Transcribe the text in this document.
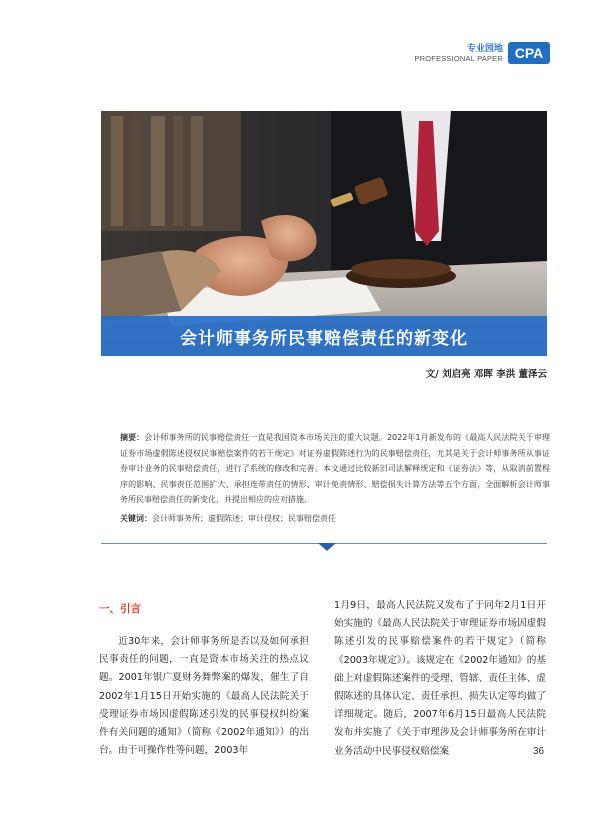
专业园地
PROFESSIONAL PAPER CPA
会计师事务所民事赔偿责任的新变化
文/ 刘启亮 邓晖 李洪 董泽云
摘要：会计师事务所的民事赔偿责任一直是我国资本市场关注的重大议题。2022年1月新发布的《最高人民法院关于审理证券市场虚假陈述侵权民事赔偿案件的若干规定》对证券虚假陈述行为的民事赔偿责任，尤其是关于会计师事务所从事证券审计业务的民事赔偿责任，进行了系统的修改和完善。本文通过比较新旧司法解释规定和《证券法》等，从取消前置程序的影响、民事责任范围扩大、承担连带责任的情形、审计免责情形、赔偿损失计算方法等五个方面，全面解析会计师事务所民事赔偿责任的新变化，并提出相应的应对措施。
关键词：会计师事务所；虚假陈述；审计侵权；民事赔偿责任
一、引言

近30年来，会计师事务所是否以及如何承担民事责任的问题，一直是资本市场关注的热点议题。2001年银广夏财务舞弊案的爆发，催生了自2002年1月15日开始实施的《最高人民法院关于受理证券市场因虚假陈述引发的民事侵权纠纷案件有关问题的通知》（简称《2002年通知》）的出台。由于可操作性等问题，2003年

1月9日，最高人民法院又发布了于同年2月1日开始实施的《最高人民法院关于审理证券市场因虚假陈述引发的民事赔偿案件的若干规定》（简称《2003年规定》）。该规定在《2002年通知》的基础上对虚假陈述案件的受理、管辖、责任主体、虚假陈述的具体认定、责任承担、损失认定等均做了详细规定。随后，2007年6月15日最高人民法院发布并实施了《关于审理涉及会计师事务所在审计业务活动中民事侵权赔偿案	36
